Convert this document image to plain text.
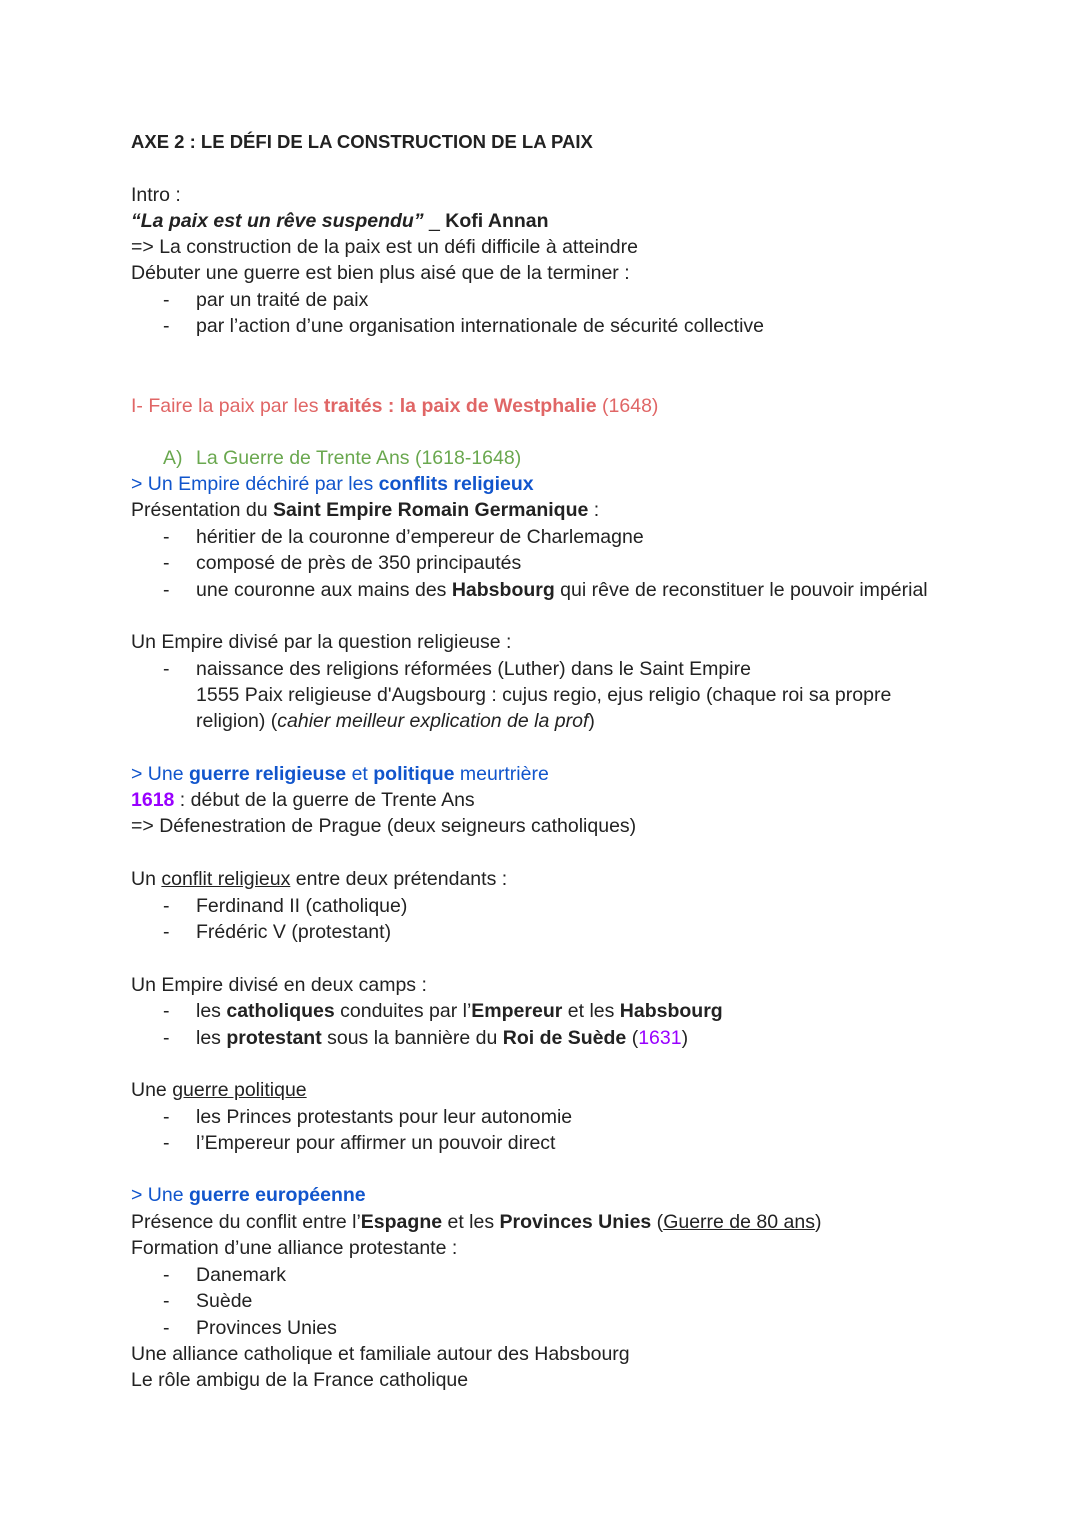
AXE 2 : LE DÉFI DE LA CONSTRUCTION DE LA PAIX
Intro :
“La paix est un rêve suspendu” _ Kofi Annan
=> La construction de la paix est un défi difficile à atteindre
Débuter une guerre est bien plus aisé que de la terminer :
- par un traité de paix
- par l’action d’une organisation internationale de sécurité collective
I- Faire la paix par les traités : la paix de Westphalie (1648)
A) La Guerre de Trente Ans (1618-1648)
> Un Empire déchiré par les conflits religieux
Présentation du Saint Empire Romain Germanique :
- héritier de la couronne d’empereur de Charlemagne
- composé de près de 350 principautés
- une couronne aux mains des Habsbourg qui rêve de reconstituer le pouvoir impérial
Un Empire divisé par la question religieuse :
- naissance des religions réformées (Luther) dans le Saint Empire
1555 Paix religieuse d'Augsbourg : cujus regio, ejus religio (chaque roi sa propre
religion) (cahier meilleur explication de la prof)
> Une guerre religieuse et politique meurtrière
1618 : début de la guerre de Trente Ans
=> Défenestration de Prague (deux seigneurs catholiques)
Un conflit religieux entre deux prétendants :
- Ferdinand II (catholique)
- Frédéric V (protestant)
Un Empire divisé en deux camps :
- les catholiques conduites par l’Empereur et les Habsbourg
- les protestant sous la bannière du Roi de Suède (1631)
Une guerre politique
- les Princes protestants pour leur autonomie
- l’Empereur pour affirmer un pouvoir direct
> Une guerre européenne
Présence du conflit entre l’Espagne et les Provinces Unies (Guerre de 80 ans)
Formation d’une alliance protestante :
- Danemark
- Suède
- Provinces Unies
Une alliance catholique et familiale autour des Habsbourg
Le rôle ambigu de la France catholique
